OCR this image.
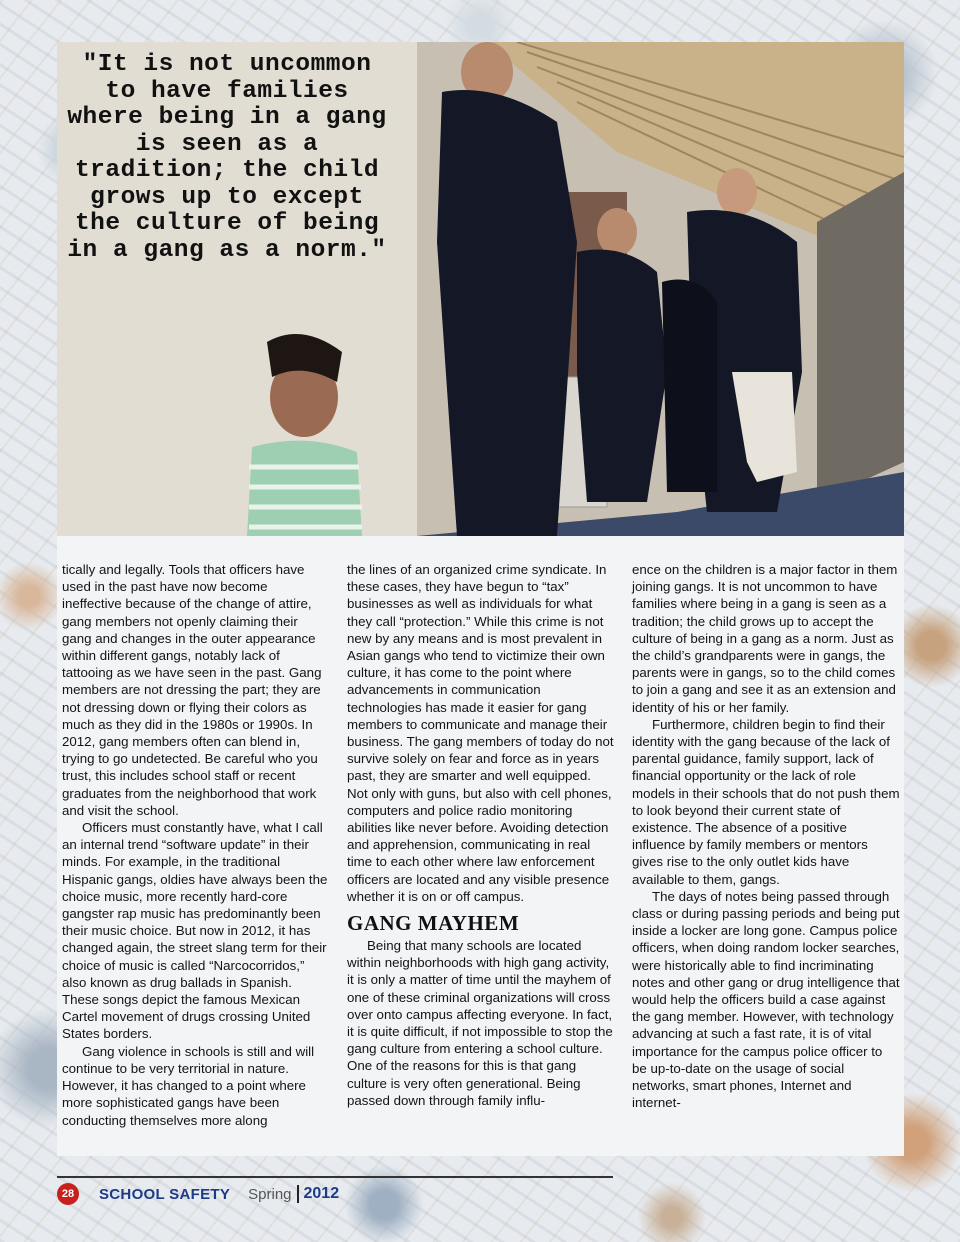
"It is not uncommon to have families where being in a gang is seen as a tradition; the child grows up to except the culture of being in a gang as a norm."

tically and legally. Tools that officers have used in the past have now become ineffective because of the change of attire, gang members not openly claiming their gang and changes in the outer appearance within different gangs, notably lack of tattooing as we have seen in the past. Gang members are not dressing the part; they are not dressing down or flying their colors as much as they did in the 1980s or 1990s. In 2012, gang members often can blend in, trying to go undetected. Be careful who you trust, this includes school staff or recent graduates from the neighborhood that work and visit the school.

Officers must constantly have, what I call an internal trend “software update” in their minds. For example, in the traditional Hispanic gangs, oldies have always been the choice music, more recently hard-core gangster rap music has predominantly been their music choice. But now in 2012, it has changed again, the street slang term for their choice of music is called “Narcocorridos,” also known as drug ballads in Spanish. These songs depict the famous Mexican Cartel movement of drugs crossing United States borders.

Gang violence in schools is still and will continue to be very territorial in nature. However, it has changed to a point where more sophisticated gangs have been conducting themselves more along

the lines of an organized crime syndicate. In these cases, they have begun to “tax” businesses as well as individuals for what they call “protection.” While this crime is not new by any means and is most prevalent in Asian gangs who tend to victimize their own culture, it has come to the point where advancements in communication technologies has made it easier for gang members to communicate and manage their business. The gang members of today do not survive solely on fear and force as in years past, they are smarter and well equipped. Not only with guns, but also with cell phones, computers and police radio monitoring abilities like never before. Avoiding detection and apprehension, communicating in real time to each other where law enforcement officers are located and any visible presence whether it is on or off campus.

GANG MAYHEM

Being that many schools are located within neighborhoods with high gang activity, it is only a matter of time until the mayhem of one of these criminal organizations will cross over onto campus affecting everyone. In fact, it is quite difficult, if not impossible to stop the gang culture from entering a school culture. One of the reasons for this is that gang culture is very often generational. Being passed down through family influ-

ence on the children is a major factor in them joining gangs. It is not uncommon to have families where being in a gang is seen as a tradition; the child grows up to accept the culture of being in a gang as a norm. Just as the child’s grandparents were in gangs, the parents were in gangs, so to the child comes to join a gang and see it as an extension and identity of his or her family.

Furthermore, children begin to find their identity with the gang because of the lack of parental guidance, family support, lack of financial opportunity or the lack of role models in their schools that do not push them to look beyond their current state of existence. The absence of a positive influence by family members or mentors gives rise to the only outlet kids have available to them, gangs.

The days of notes being passed through class or during passing periods and being put inside a locker are long gone. Campus police officers, when doing random locker searches, were historically able to find incriminating notes and other gang or drug intelligence that would help the officers build a case against the gang member. However, with technology advancing at such a fast rate, it is of vital importance for the campus police officer to be up-to-date on the usage of social networks, smart phones, Internet and internet-

28	SCHOOL SAFETY Spring 2012
